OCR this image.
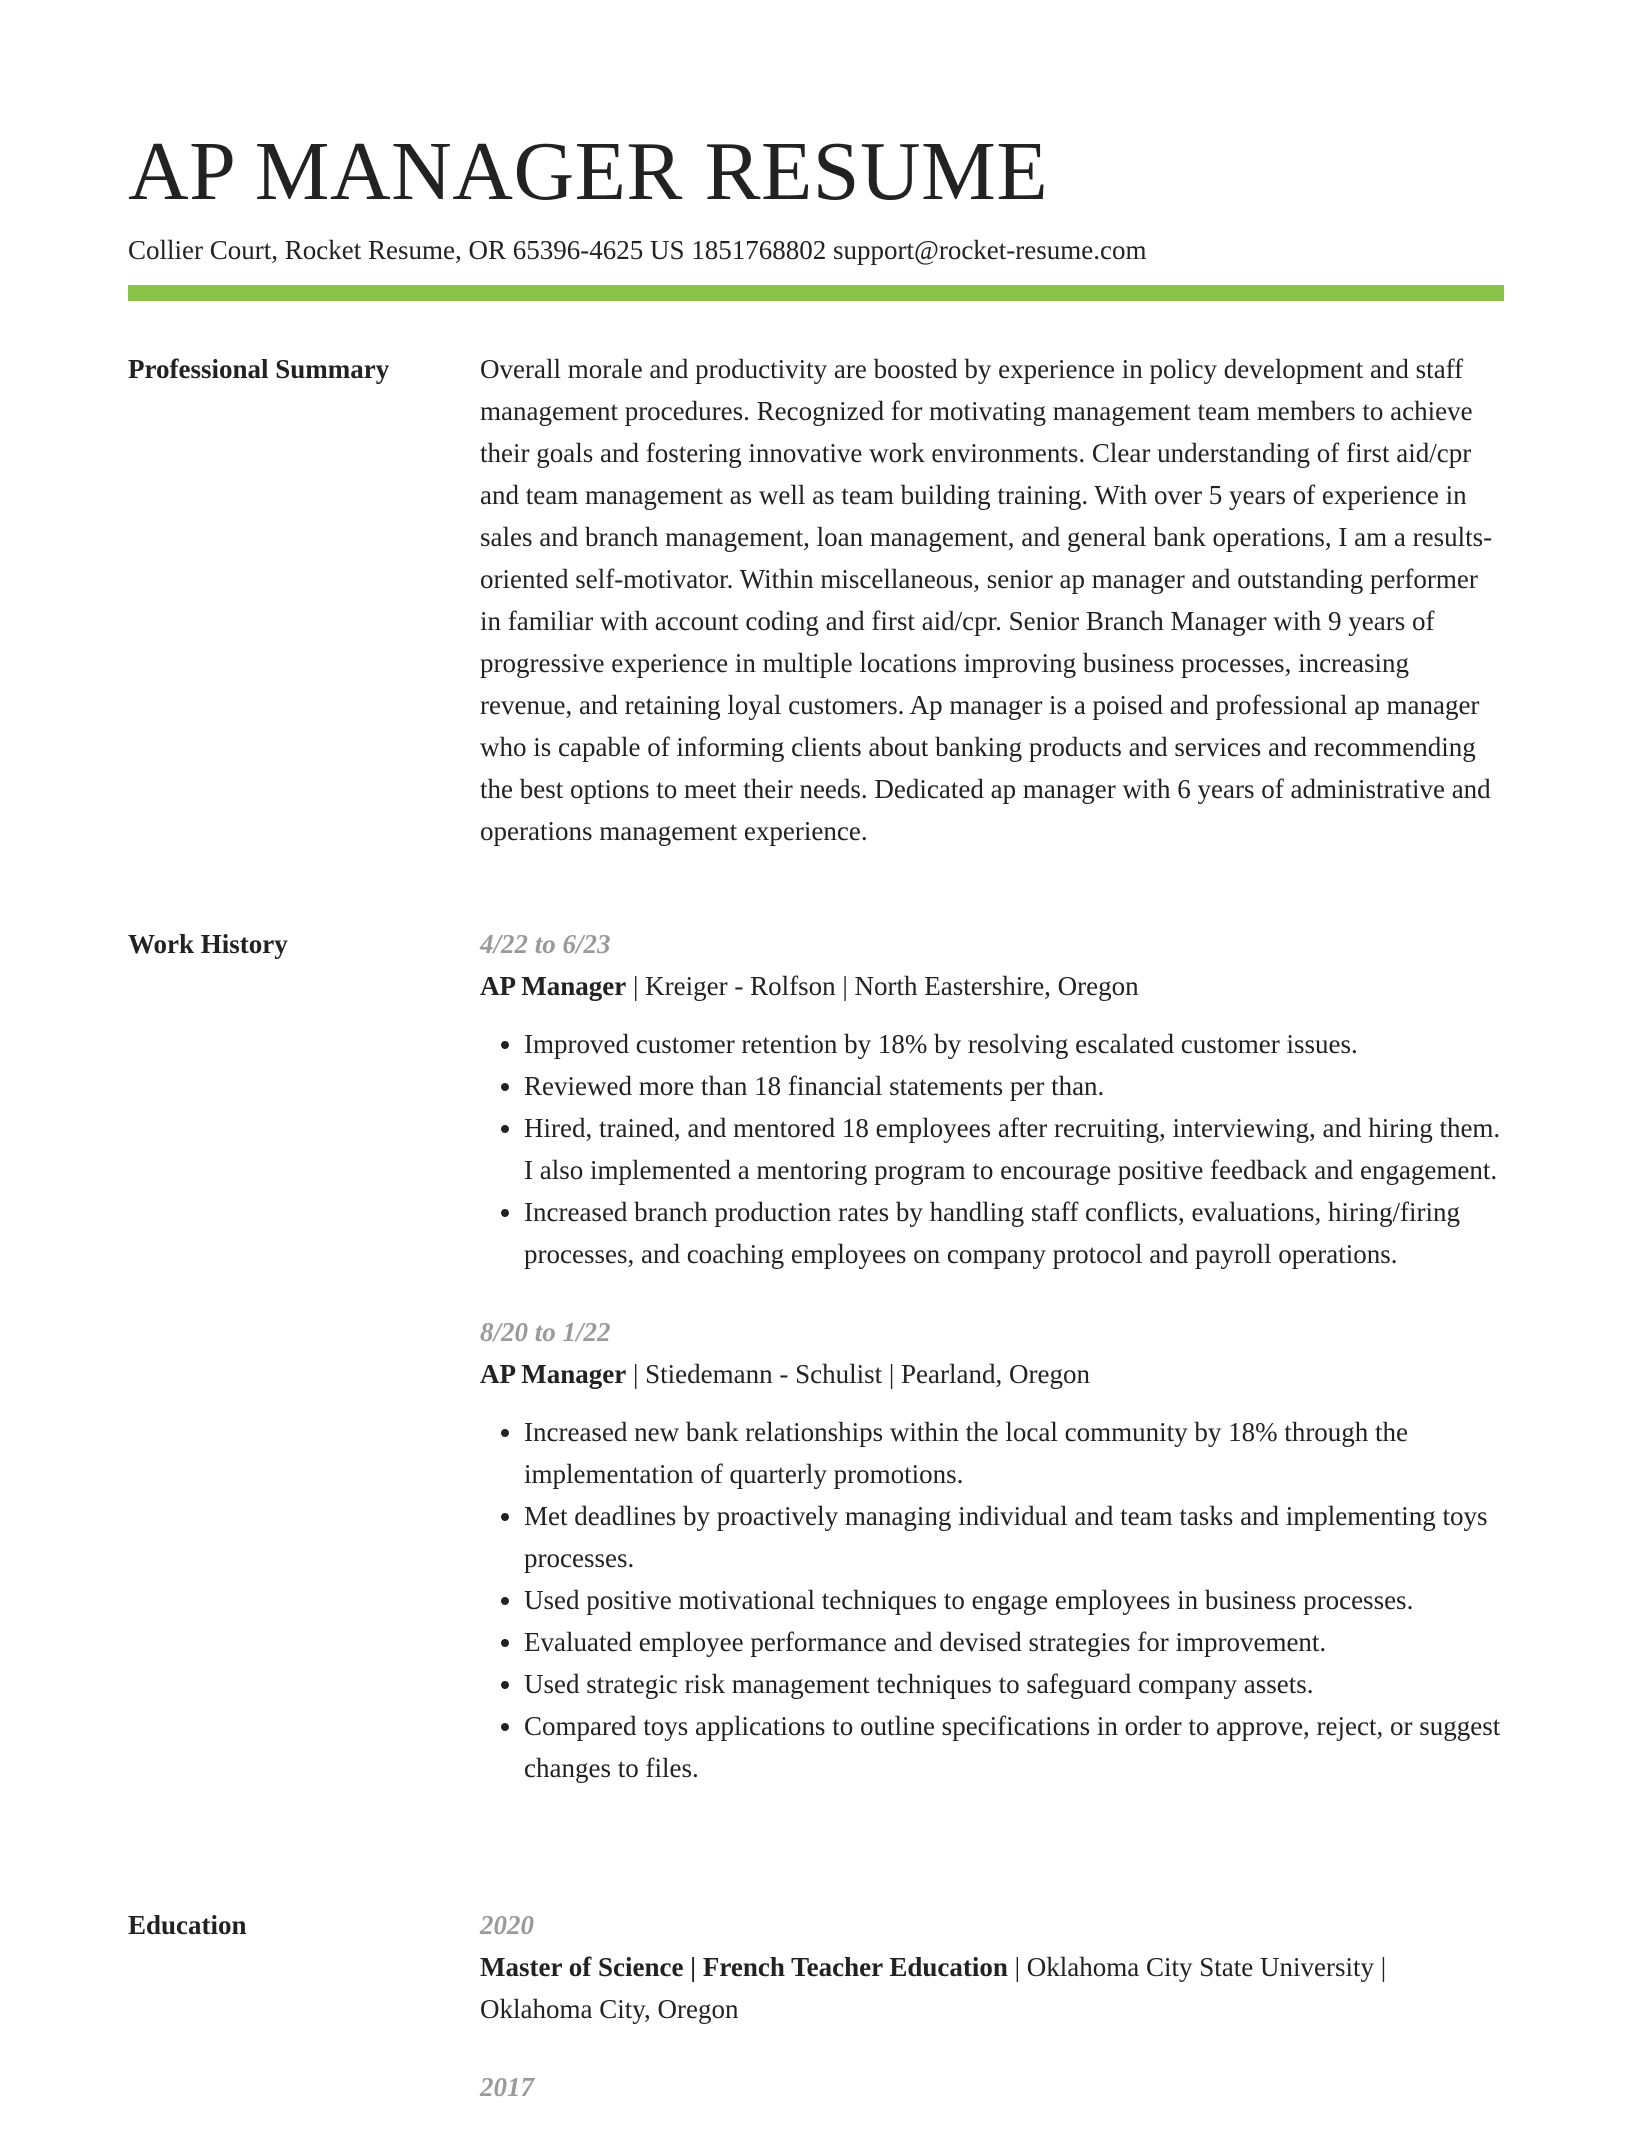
AP MANAGER RESUME
Collier Court, Rocket Resume, OR 65396-4625 US 1851768802 support@rocket-resume.com
Professional Summary	Overall morale and productivity are boosted by experience in policy development and staff management procedures. Recognized for motivating management team members to achieve their goals and fostering innovative work environments. Clear understanding of first aid/cpr and team management as well as team building training. With over 5 years of experience in sales and branch management, loan management, and general bank operations, I am a results-oriented self-motivator. Within miscellaneous, senior ap manager and outstanding performer in familiar with account coding and first aid/cpr. Senior Branch Manager with 9 years of progressive experience in multiple locations improving business processes, increasing revenue, and retaining loyal customers. Ap manager is a poised and professional ap manager who is capable of informing clients about banking products and services and recommending the best options to meet their needs. Dedicated ap manager with 6 years of administrative and operations management experience.

Work History	4/22 to 6/23
AP Manager | Kreiger - Rolfson | North Eastershire, Oregon
• Improved customer retention by 18% by resolving escalated customer issues.
• Reviewed more than 18 financial statements per than.
• Hired, trained, and mentored 18 employees after recruiting, interviewing, and hiring them. I also implemented a mentoring program to encourage positive feedback and engagement.
• Increased branch production rates by handling staff conflicts, evaluations, hiring/firing processes, and coaching employees on company protocol and payroll operations.
8/20 to 1/22
AP Manager | Stiedemann - Schulist | Pearland, Oregon
• Increased new bank relationships within the local community by 18% through the implementation of quarterly promotions.
• Met deadlines by proactively managing individual and team tasks and implementing toys processes.
• Used positive motivational techniques to engage employees in business processes.
• Evaluated employee performance and devised strategies for improvement.
• Used strategic risk management techniques to safeguard company assets.
• Compared toys applications to outline specifications in order to approve, reject, or suggest changes to files.
Education	2020
Master of Science | French Teacher Education | Oklahoma City State University | Oklahoma City, Oregon
2017
